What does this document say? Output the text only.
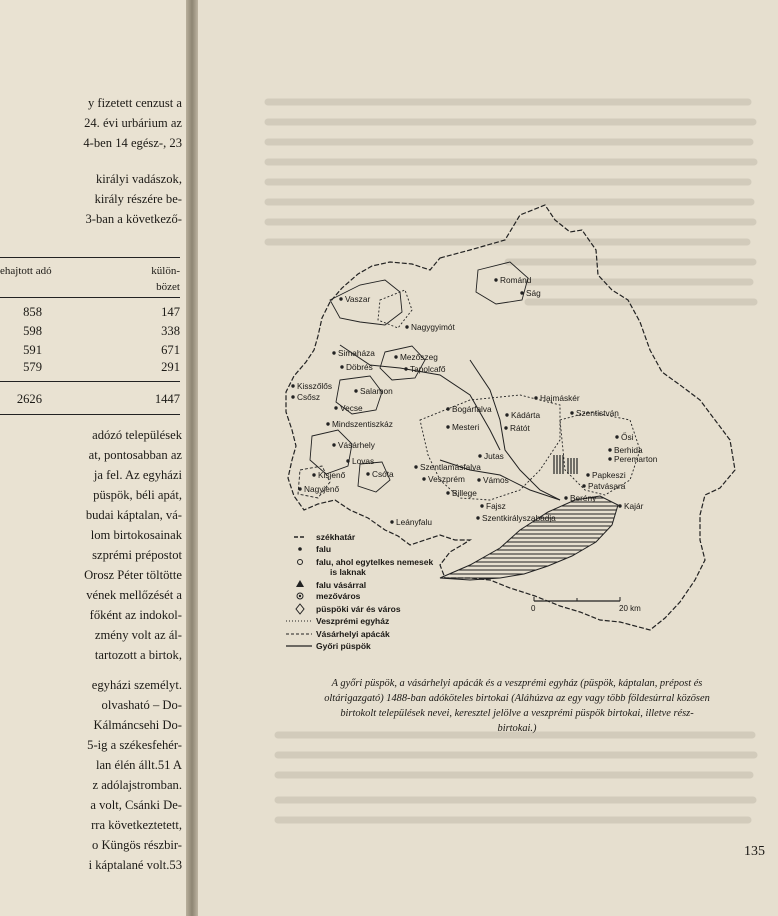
y fizetett cenzust a
24. évi urbárium az
4-ben 14 egész-, 23
királyi vadászok,
király részére be-
3-ban a következő-
adózó települések
at, pontosabban az
ja fel. Az egyházi
püspök, béli apát,
budai káptalan, vá-
lom birtokosainak
szprémi prépostot
Orosz Péter töltötte
vének mellőzését a
főként az indokol-
zmény volt az ál-
tartozott a birtok,
egyházi személyt.
olvasható – Do-
Kálmáncsehi Do-
5-ig a székesfehér-
lan élén állt.51 A
z adólajstromban.
a volt, Csánki De-
rra következtetett,
o Küngös részbir-
i káptalané volt.53
ehajtott adó	külön-
bözet
858	147
598	338
591	671
579	291
2626	1447
Románd
Ság
Vaszar
Nagygyimót
Simaháza	Mezőszeg
Döbrés	Tapolcafő
Kisszőlős	Salamon
Csősz	Hajmáskér
Vecse	Szentistván
Bogárfalva
Kádárta
Mindszentiszkáz	Mesteri	Rátót
Ősi
Vásárhely	Berhida
Jutas
Lovas	Peremarton
Szentlamásfalva
Kisjenő	Csóta	Papkeszi
Veszprém Vámos
Patvásara
Nagyjenő	Billege	Berény
Fajsz	Kajár
Szentkirályszabadja
Leányfalu
székhatár
falu
falu, ahol egytelkes nemesek
is laknak
falu vásárral
mezőváros
püspöki vár és város
Veszprémi egyház
Vásárhelyi apácák
Győri püspök
0	20 km
A győri püspök, a vásárhelyi apácák és a veszprémi egyház (püspök, káptalan, prépost és
oltárigazgató) 1488-ban adóköteles birtokai (Aláhúzva az egy vagy több földesúrral közösen
birtokolt települések nevei, keresztel jelölve a veszprémi püspök birtokai, illetve rész-
birtokai.)
135
